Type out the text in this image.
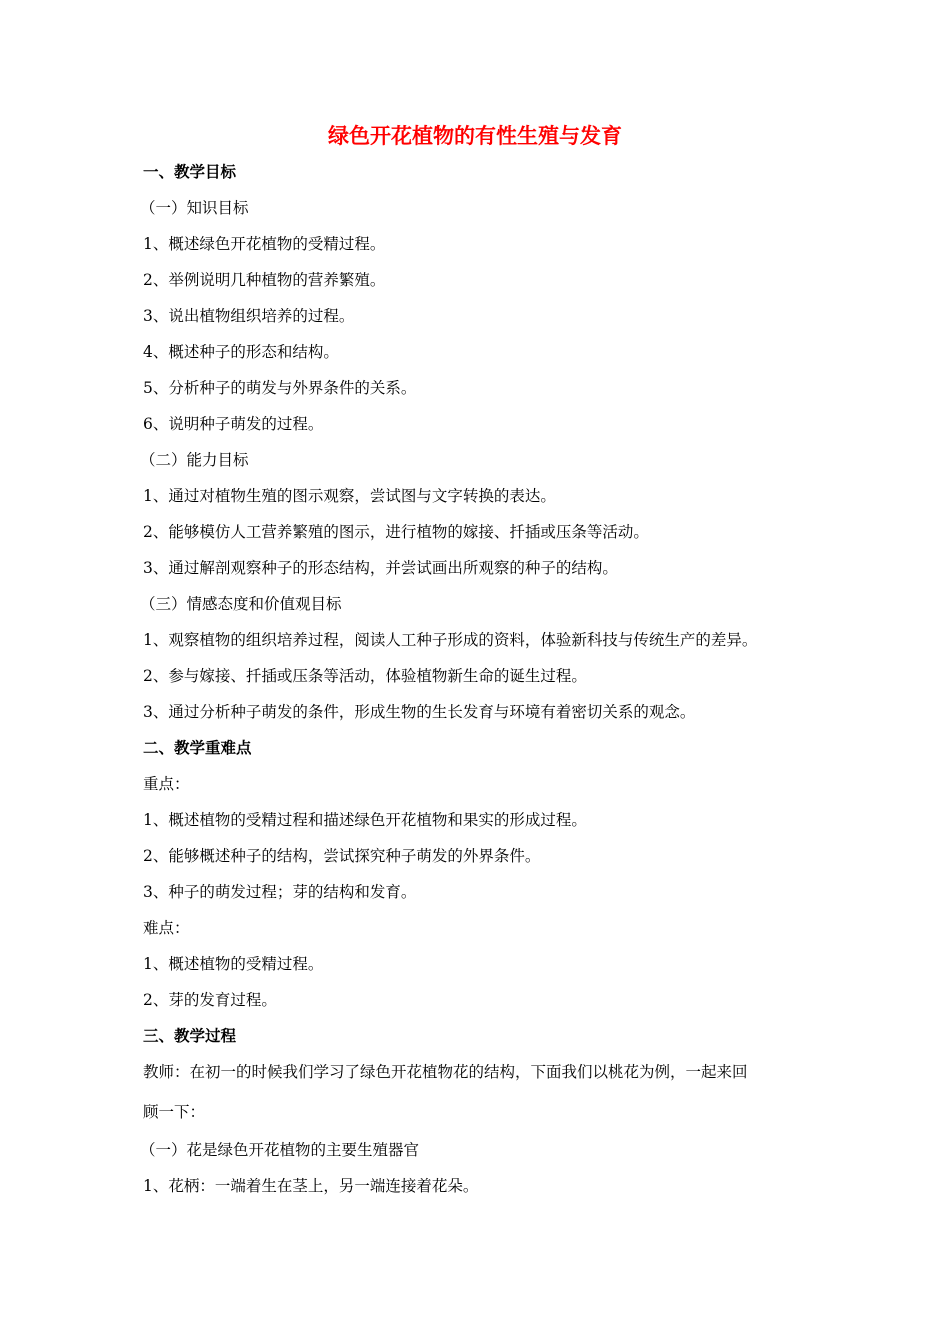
绿色开花植物的有性生殖与发育
一、教学目标
（一）知识目标
1、概述绿色开花植物的受精过程。
2、举例说明几种植物的营养繁殖。
3、说出植物组织培养的过程。
4、概述种子的形态和结构。
5、分析种子的萌发与外界条件的关系。
6、说明种子萌发的过程。
（二）能力目标
1、通过对植物生殖的图示观察，尝试图与文字转换的表达。
2、能够模仿人工营养繁殖的图示，进行植物的嫁接、扦插或压条等活动。
3、通过解剖观察种子的形态结构，并尝试画出所观察的种子的结构。
（三）情感态度和价值观目标
1、观察植物的组织培养过程，阅读人工种子形成的资料，体验新科技与传统生产的差异。
2、参与嫁接、扦插或压条等活动，体验植物新生命的诞生过程。
3、通过分析种子萌发的条件，形成生物的生长发育与环境有着密切关系的观念。
二、教学重难点
重点：
1、概述植物的受精过程和描述绿色开花植物和果实的形成过程。
2、能够概述种子的结构，尝试探究种子萌发的外界条件。
3、种子的萌发过程；芽的结构和发育。
难点：
1、概述植物的受精过程。
2、芽的发育过程。
三、教学过程
教师：在初一的时候我们学习了绿色开花植物花的结构，下面我们以桃花为例，一起来回
顾一下：
（一）花是绿色开花植物的主要生殖器官
1、花柄：一端着生在茎上，另一端连接着花朵。
